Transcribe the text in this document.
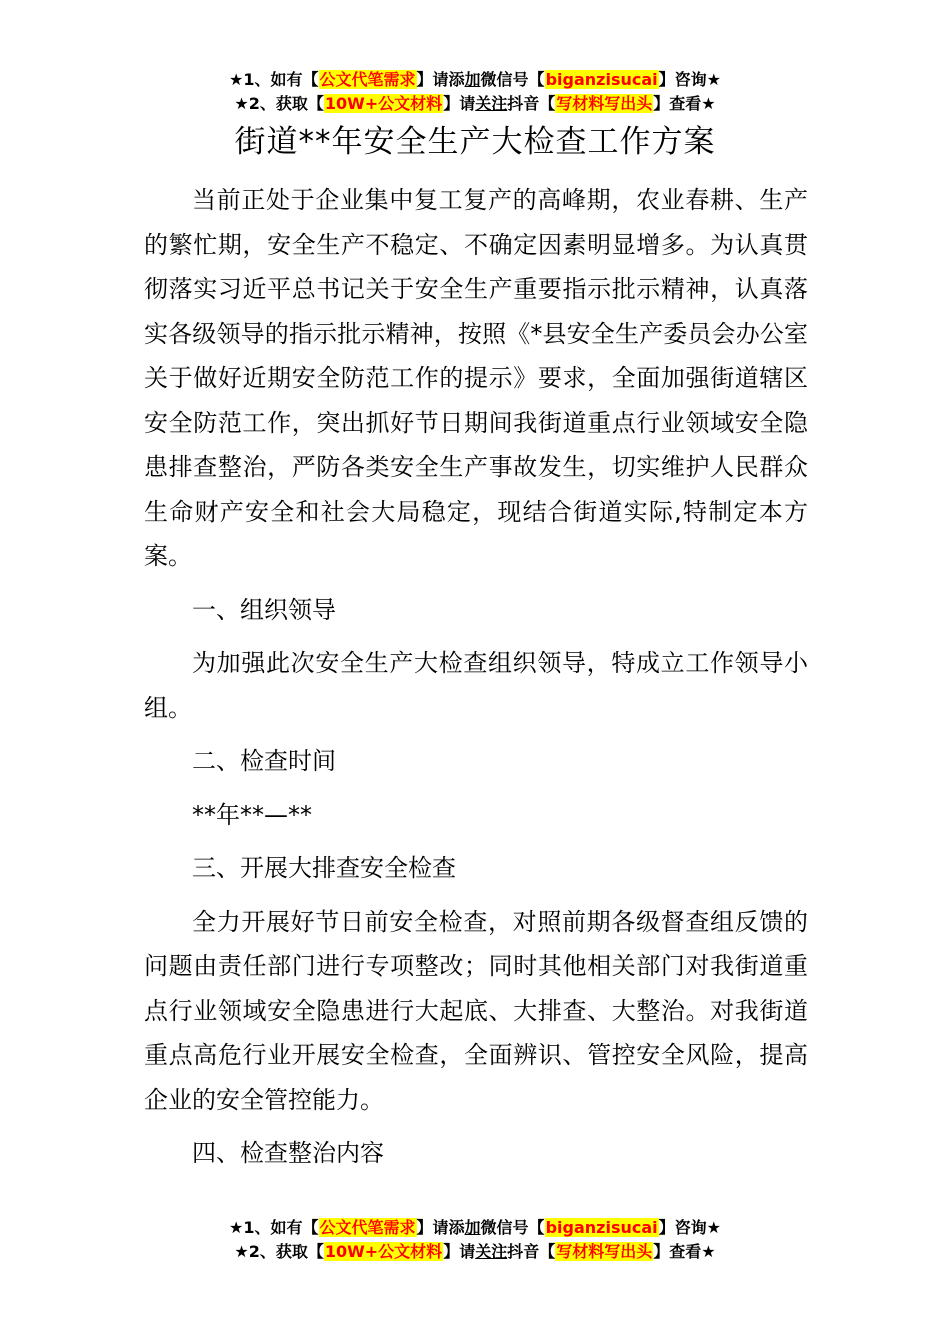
★1、如有【公文代笔需求】请添加微信号【biganzisucai】咨询★
★2、获取【10W+公文材料】请关注抖音【写材料写出头】查看★
街道**年安全生产大检查工作方案

当前正处于企业集中复工复产的高峰期，农业春耕、生产的繁忙期，安全生产不稳定、不确定因素明显增多。为认真贯彻落实习近平总书记关于安全生产重要指示批示精神，认真落实各级领导的指示批示精神，按照《*县安全生产委员会办公室关于做好近期安全防范工作的提示》要求，全面加强街道辖区安全防范工作，突出抓好节日期间我街道重点行业领域安全隐患排查整治，严防各类安全生产事故发生，切实维护人民群众生命财产安全和社会大局稳定，现结合街道实际,特制定本方案。

一、组织领导

为加强此次安全生产大检查组织领导，特成立工作领导小组。

二、检查时间

**年**—**

三、开展大排查安全检查

全力开展好节日前安全检查，对照前期各级督查组反馈的问题由责任部门进行专项整改；同时其他相关部门对我街道重点行业领域安全隐患进行大起底、大排查、大整治。对我街道重点高危行业开展安全检查，全面辨识、管控安全风险，提高企业的安全管控能力。

四、检查整治内容

★1、如有【公文代笔需求】请添加微信号【biganzisucai】咨询★
★2、获取【10W+公文材料】请关注抖音【写材料写出头】查看★
